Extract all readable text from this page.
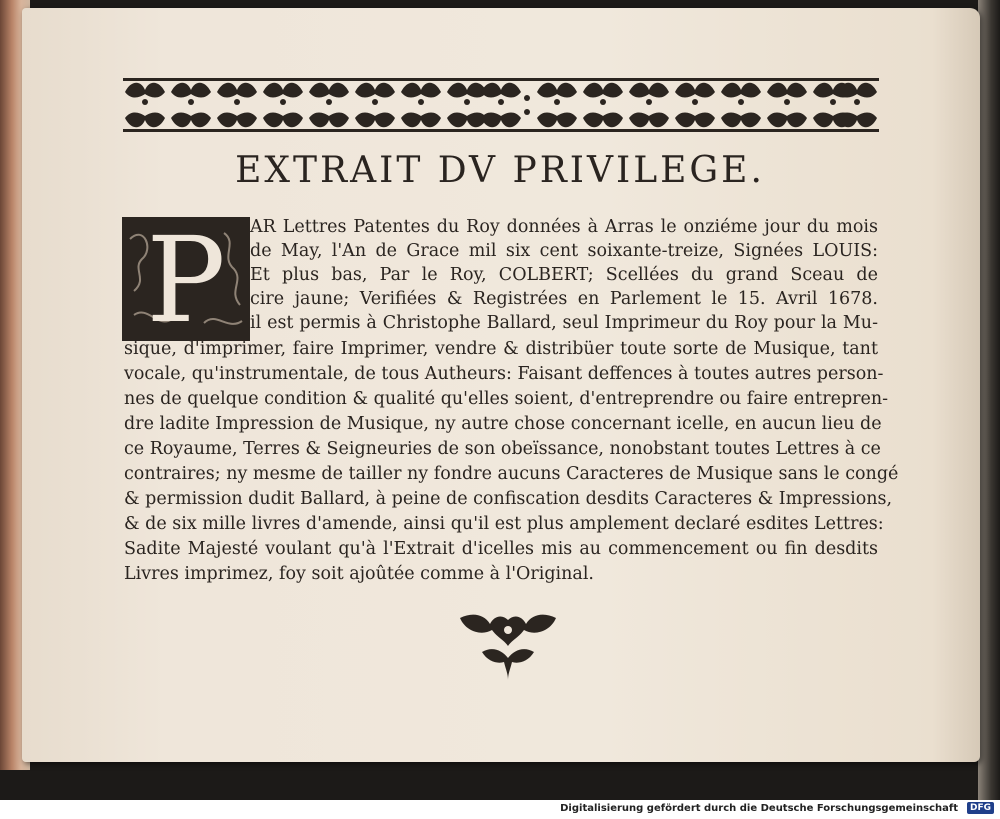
EXTRAIT DV PRIVILEGE.
P	AR Lettres Patentes du Roy données à Arras le onziéme jour du mois
de May, l'An de Grace mil six cent soixante-treize, Signées LOUIS:
Et plus bas, Par le Roy, COLBERT; Scellées du grand Sceau de
cire jaune; Verifiées & Registrées en Parlement le 15. Avril 1678.
il est permis à Christophe Ballard, seul Imprimeur du Roy pour la Mu-
sique, d'imprimer, faire Imprimer, vendre & distribüer toute sorte de Musique, tant
vocale, qu'instrumentale, de tous Autheurs: Faisant deffences à toutes autres person-
nes de quelque condition & qualité qu'elles soient, d'entreprendre ou faire entrepren-
dre ladite Impression de Musique, ny autre chose concernant icelle, en aucun lieu de
ce Royaume, Terres & Seigneuries de son obeïssance, nonobstant toutes Lettres à ce
contraires; ny mesme de tailler ny fondre aucuns Caracteres de Musique sans le congé
& permission dudit Ballard, à peine de confiscation desdits Caracteres & Impressions,
& de six mille livres d'amende, ainsi qu'il est plus amplement declaré esdites Lettres:
Sadite Majesté voulant qu'à l'Extrait d'icelles mis au commencement ou fin desdits
Livres imprimez, foy soit ajoûtée comme à l'Original.
Digitalisierung gefördert durch die Deutsche Forschungsgemeinschaft	DFG
